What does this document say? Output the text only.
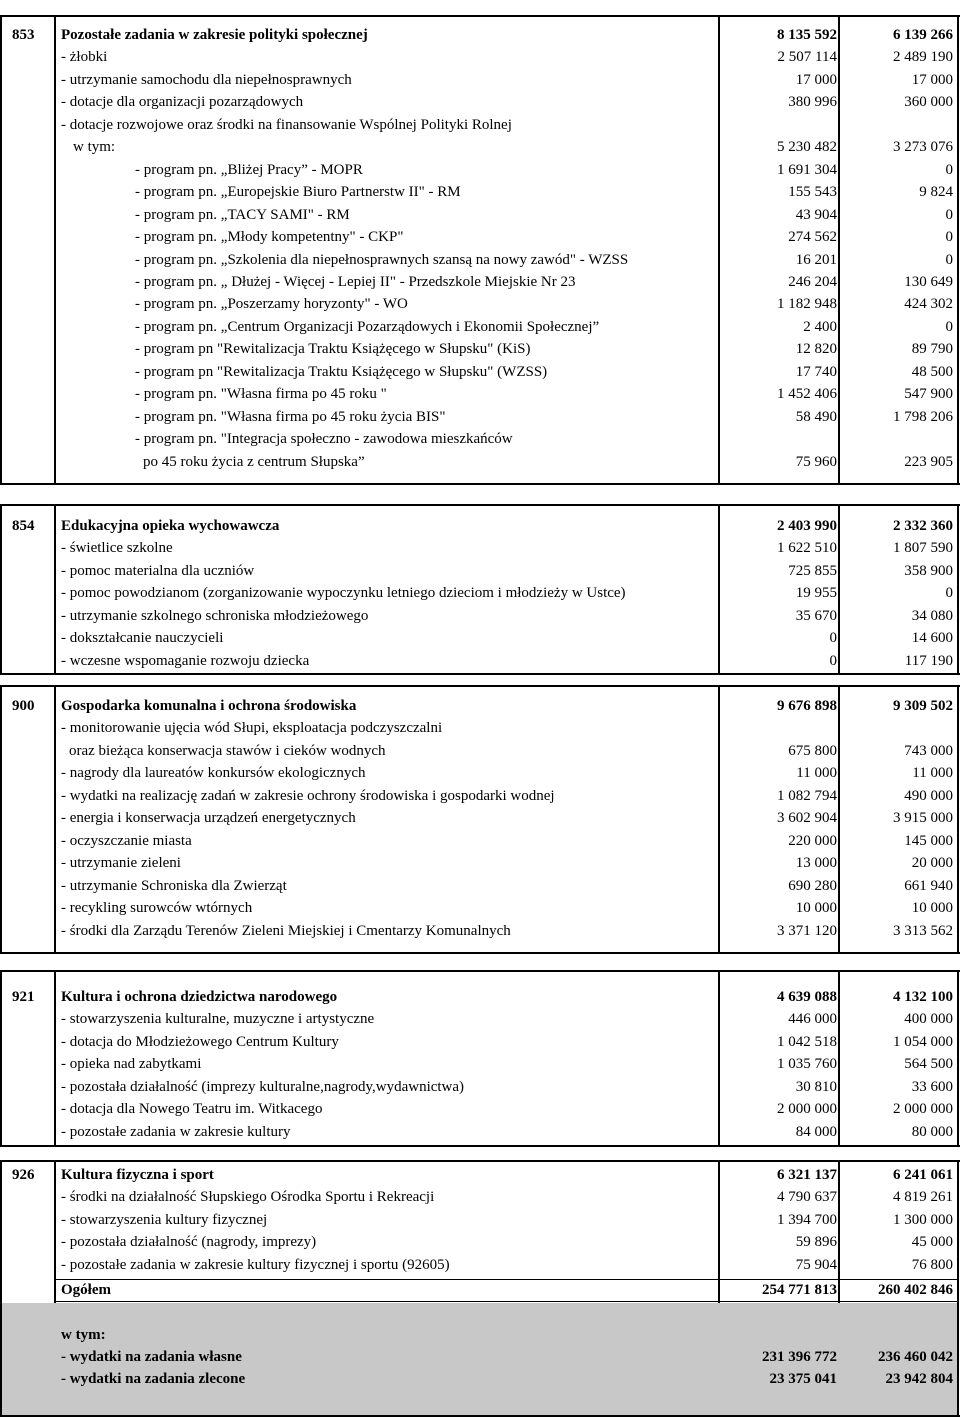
853	Pozostałe zadania w zakresie polityki społecznej	8 135 592	6 139 266
- żłobki	2 507 114	2 489 190
- utrzymanie samochodu dla niepełnosprawnych	17 000	17 000
- dotacje dla organizacji pozarządowych	380 996	360 000
- dotacje rozwojowe oraz środki na finansowanie Wspólnej Polityki Rolnej
w tym:	5 230 482	3 273 076
- program pn. „Bliżej Pracy” - MOPR	1 691 304	0
- program pn. „Europejskie Biuro Partnerstw II" - RM	155 543	9 824
- program pn. „TACY SAMI" - RM	43 904	0
- program pn. „Młody kompetentny" - CKP"	274 562	0
- program pn. „Szkolenia dla niepełnosprawnych szansą na nowy zawód" - WZSS	16 201	0
- program pn. „ Dłużej - Więcej - Lepiej II" - Przedszkole Miejskie Nr 23	246 204	130 649
- program pn. „Poszerzamy horyzonty" - WO	1 182 948	424 302
- program pn. „Centrum Organizacji Pozarządowych i Ekonomii Społecznej”	2 400	0
- program pn "Rewitalizacja Traktu Książęcego w Słupsku" (KiS)	12 820	89 790
- program pn "Rewitalizacja Traktu Książęcego w Słupsku" (WZSS)	17 740	48 500
- program pn. "Własna firma po 45 roku "	1 452 406	547 900
- program pn. "Własna firma po 45 roku życia BIS"	58 490	1 798 206
- program pn. "Integracja społeczno - zawodowa mieszkańców
po 45 roku życia z centrum Słupska”	75 960	223 905
854	Edukacyjna opieka wychowawcza	2 403 990	2 332 360
- świetlice szkolne	1 622 510	1 807 590
- pomoc materialna dla uczniów	725 855	358 900
- pomoc powodzianom (zorganizowanie wypoczynku letniego dzieciom i młodzieży w Ustce)	19 955	0
- utrzymanie szkolnego schroniska młodzieżowego	35 670	34 080
- dokształcanie nauczycieli	0	14 600
- wczesne wspomaganie rozwoju dziecka	0	117 190
900	Gospodarka komunalna i ochrona środowiska	9 676 898	9 309 502
- monitorowanie ujęcia wód Słupi, eksploatacja podczyszczalni
oraz bieżąca konserwacja stawów i cieków wodnych	675 800	743 000
- nagrody dla laureatów konkursów ekologicznych	11 000	11 000
- wydatki na realizację zadań w zakresie ochrony środowiska i gospodarki wodnej	1 082 794	490 000
- energia i konserwacja urządzeń energetycznych	3 602 904	3 915 000
- oczyszczanie miasta	220 000	145 000
- utrzymanie zieleni	13 000	20 000
- utrzymanie Schroniska dla Zwierząt	690 280	661 940
- recykling surowców wtórnych	10 000	10 000
- środki dla Zarządu Terenów Zieleni Miejskiej i Cmentarzy Komunalnych	3 371 120	3 313 562
921	Kultura i ochrona dziedzictwa narodowego	4 639 088	4 132 100
- stowarzyszenia kulturalne, muzyczne i artystyczne	446 000	400 000
- dotacja do Młodzieżowego Centrum Kultury	1 042 518	1 054 000
- opieka nad zabytkami	1 035 760	564 500
- pozostała działalność (imprezy kulturalne,nagrody,wydawnictwa)	30 810	33 600
- dotacja dla Nowego Teatru im. Witkacego	2 000 000	2 000 000
- pozostałe zadania w zakresie kultury	84 000	80 000
926	Kultura fizyczna i sport	6 321 137	6 241 061
- środki na działalność Słupskiego Ośrodka Sportu i Rekreacji	4 790 637	4 819 261
- stowarzyszenia kultury fizycznej	1 394 700	1 300 000
- pozostała działalność (nagrody, imprezy)	59 896	45 000
- pozostałe zadania w zakresie kultury fizycznej i sportu (92605)	75 904	76 800
Ogółem	254 771 813	260 402 846
w tym:
- wydatki na zadania własne	231 396 772	236 460 042
- wydatki na zadania zlecone	23 375 041	23 942 804
